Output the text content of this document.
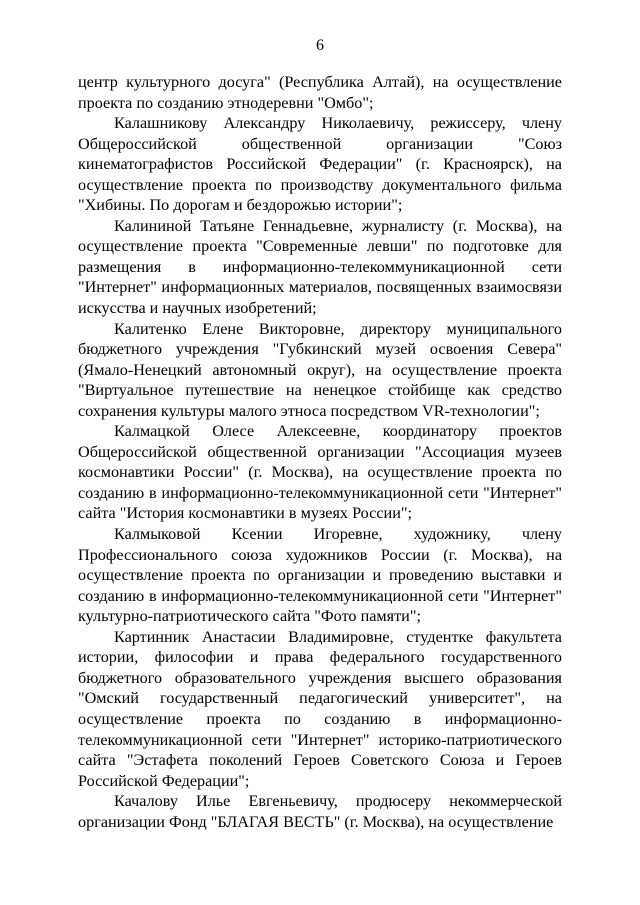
6

центр культурного досуга" (Республика Алтай), на осуществление проекта по созданию этнодеревни "Омбо";

Калашникову Александру Николаевичу, режиссеру, члену Общероссийской общественной организации "Союз кинематографистов Российской Федерации" (г. Красноярск), на осуществление проекта по производству документального фильма "Хибины. По дорогам и бездорожью истории";

Калининой Татьяне Геннадьевне, журналисту (г. Москва), на осуществление проекта "Современные левши" по подготовке для размещения в информационно-телекоммуникационной сети "Интернет" информационных материалов, посвященных взаимосвязи искусства и научных изобретений;

Калитенко Елене Викторовне, директору муниципального бюджетного учреждения "Губкинский музей освоения Севера" (Ямало-Ненецкий автономный округ), на осуществление проекта "Виртуальное путешествие на ненецкое стойбище как средство сохранения культуры малого этноса посредством VR-технологии";

Калмацкой Олесе Алексеевне, координатору проектов Общероссийской общественной организации "Ассоциация музеев космонавтики России" (г. Москва), на осуществление проекта по созданию в информационно-телекоммуникационной сети "Интернет" сайта "История космонавтики в музеях России";

Калмыковой Ксении Игоревне, художнику, члену Профессионального союза художников России (г. Москва), на осуществление проекта по организации и проведению выставки и созданию в информационно-телекоммуникационной сети "Интернет" культурно-патриотического сайта "Фото памяти";

Картинник Анастасии Владимировне, студентке факультета истории, философии и права федерального государственного бюджетного образовательного учреждения высшего образования "Омский государственный педагогический университет", на осуществление проекта по созданию в информационно-телекоммуникационной сети "Интернет" историко-патриотического сайта "Эстафета поколений Героев Советского Союза и Героев Российской Федерации";

Качалову Илье Евгеньевичу, продюсеру некоммерческой организации Фонд "БЛАГАЯ ВЕСТЬ" (г. Москва), на осуществление
